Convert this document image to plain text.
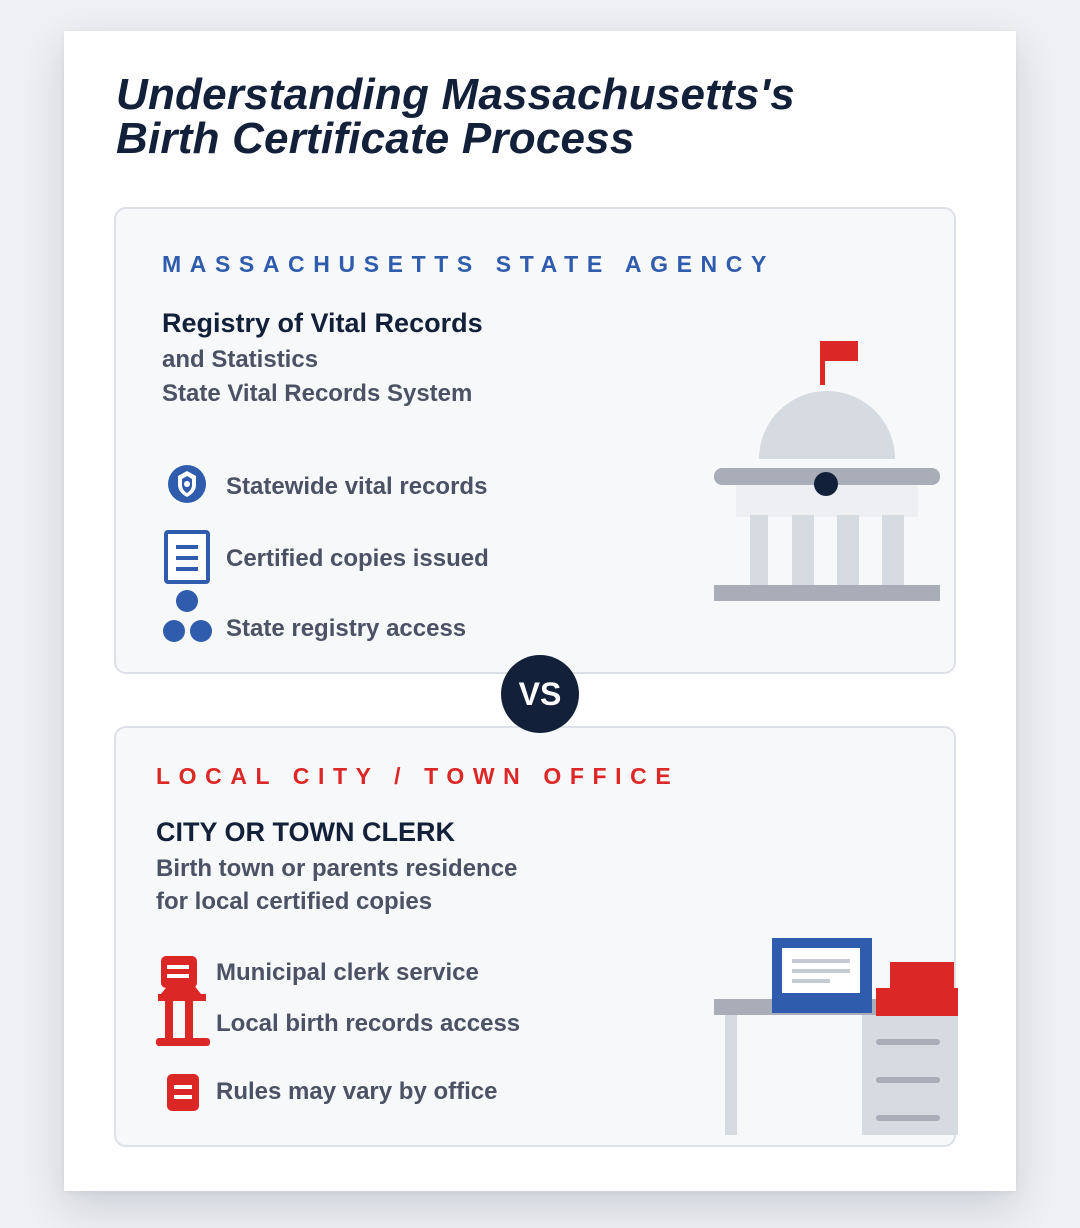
Understanding Massachusetts's
Birth Certificate Process
MASSACHUSETTS STATE AGENCY
Registry of Vital Records
and Statistics
State Vital Records System
Statewide vital records
Certified copies issued
State registry access
VS
LOCAL CITY / TOWN OFFICE
CITY OR TOWN CLERK
Birth town or parents residence
for local certified copies
Municipal clerk service
Local birth records access
Rules may vary by office
